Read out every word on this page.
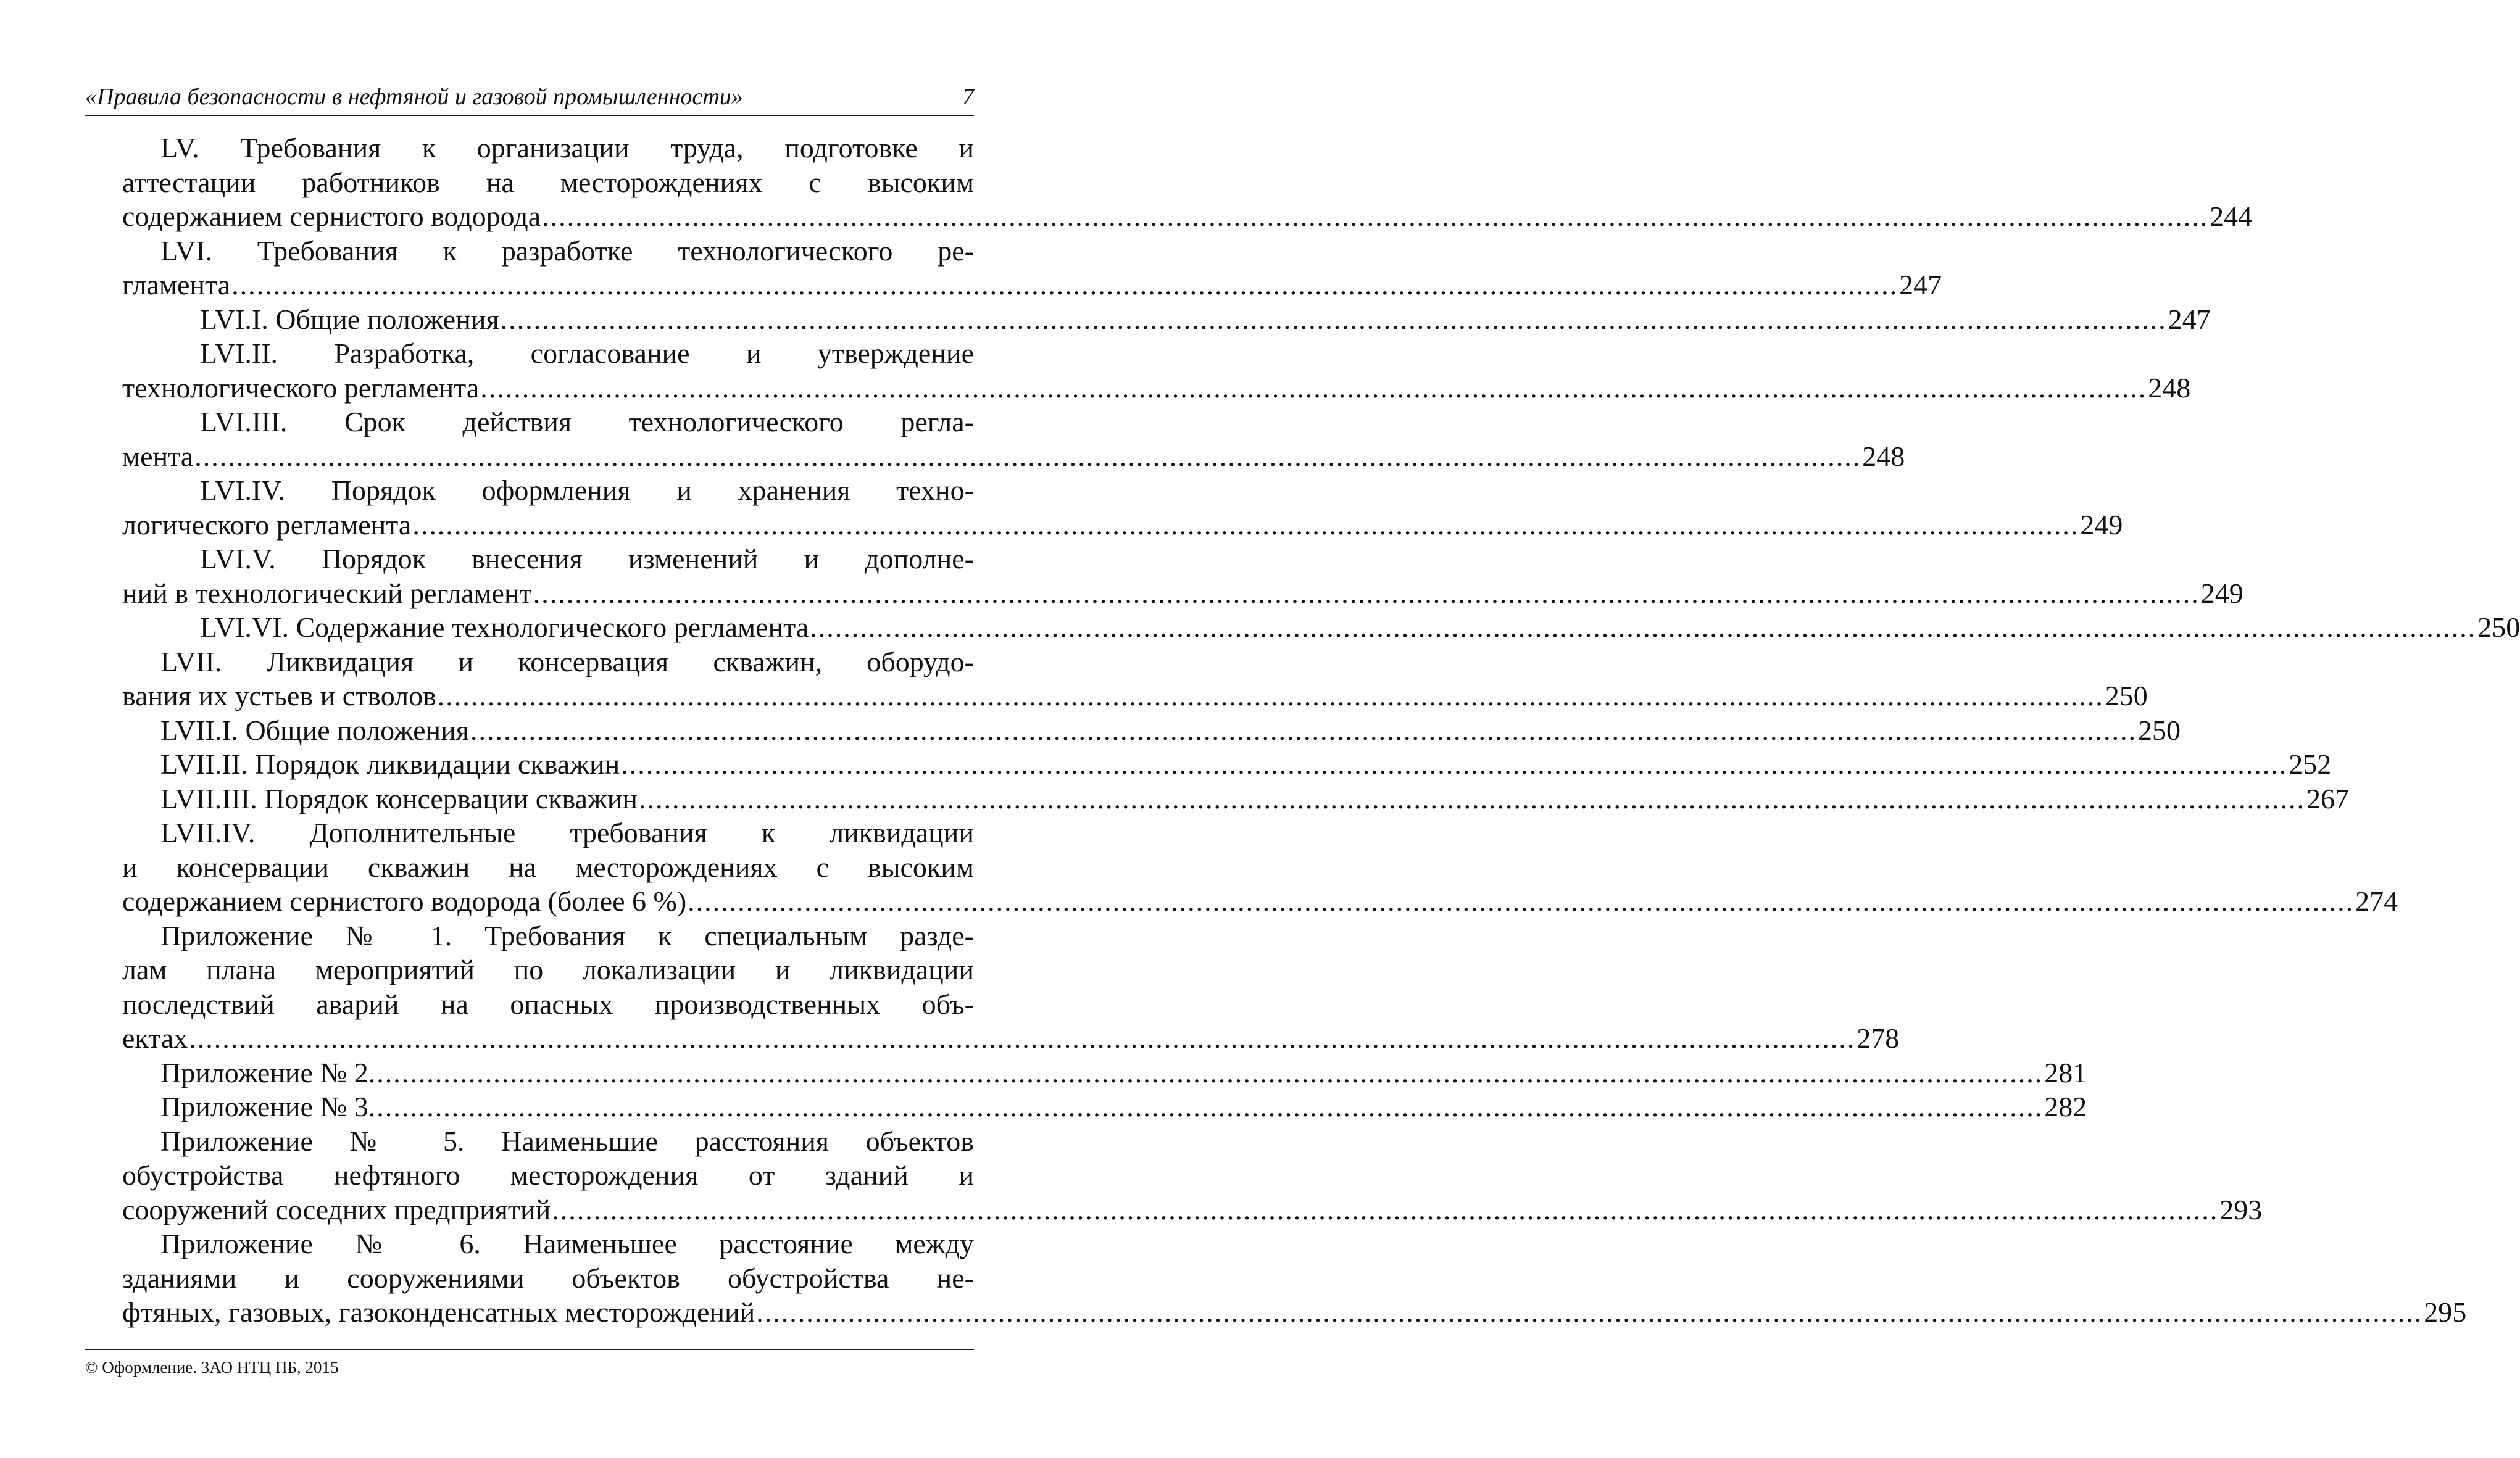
«Правила безопасности в нефтяной и газовой промышленности»	7
LV. Требования к организации труда, подготовке и
аттестации работников на месторождениях с высоким
содержанием сернистого водорода ........................................................................................................................................................................................................ 244
LVI. Требования к разработке технологического ре-
гламента ........................................................................................................................................................................................................ 247
LVI.I. Общие положения ........................................................................................................................................................................................................ 247
LVI.II. Разработка, согласование и утверждение
технологического регламента ........................................................................................................................................................................................................ 248
LVI.III. Срок действия технологического регла-
мента ........................................................................................................................................................................................................ 248
LVI.IV. Порядок оформления и хранения техно-
логического регламента ........................................................................................................................................................................................................ 249
LVI.V. Порядок внесения изменений и дополне-
ний в технологический регламент ........................................................................................................................................................................................................ 249
LVI.VI. Содержание технологического регламента ........................................................................................................................................................................................................ 250
LVII. Ликвидация и консервация скважин, оборудо-
вания их устьев и стволов ........................................................................................................................................................................................................ 250
LVII.I. Общие положения ........................................................................................................................................................................................................ 250
LVII.II. Порядок ликвидации скважин ........................................................................................................................................................................................................ 252
LVII.III. Порядок консервации скважин ........................................................................................................................................................................................................ 267
LVII.IV. Дополнительные требования к ликвидации
и консервации скважин на месторождениях с высоким
содержанием сернистого водорода (более 6 %) ........................................................................................................................................................................................................ 274
Приложение № 1. Требования к специальным разде-
лам плана мероприятий по локализации и ликвидации
последствий аварий на опасных производственных объ-
ектах ........................................................................................................................................................................................................ 278
Приложение № 2. ........................................................................................................................................................................................................ 281
Приложение № 3. ........................................................................................................................................................................................................ 282
Приложение № 5. Наименьшие расстояния объектов
обустройства нефтяного месторождения от зданий и
сооружений соседних предприятий ........................................................................................................................................................................................................ 293
Приложение № 6. Наименьшее расстояние между
зданиями и сооружениями объектов обустройства не-
фтяных, газовых, газоконденсатных месторождений ........................................................................................................................................................................................................ 295
© Оформление. ЗАО НТЦ ПБ, 2015
